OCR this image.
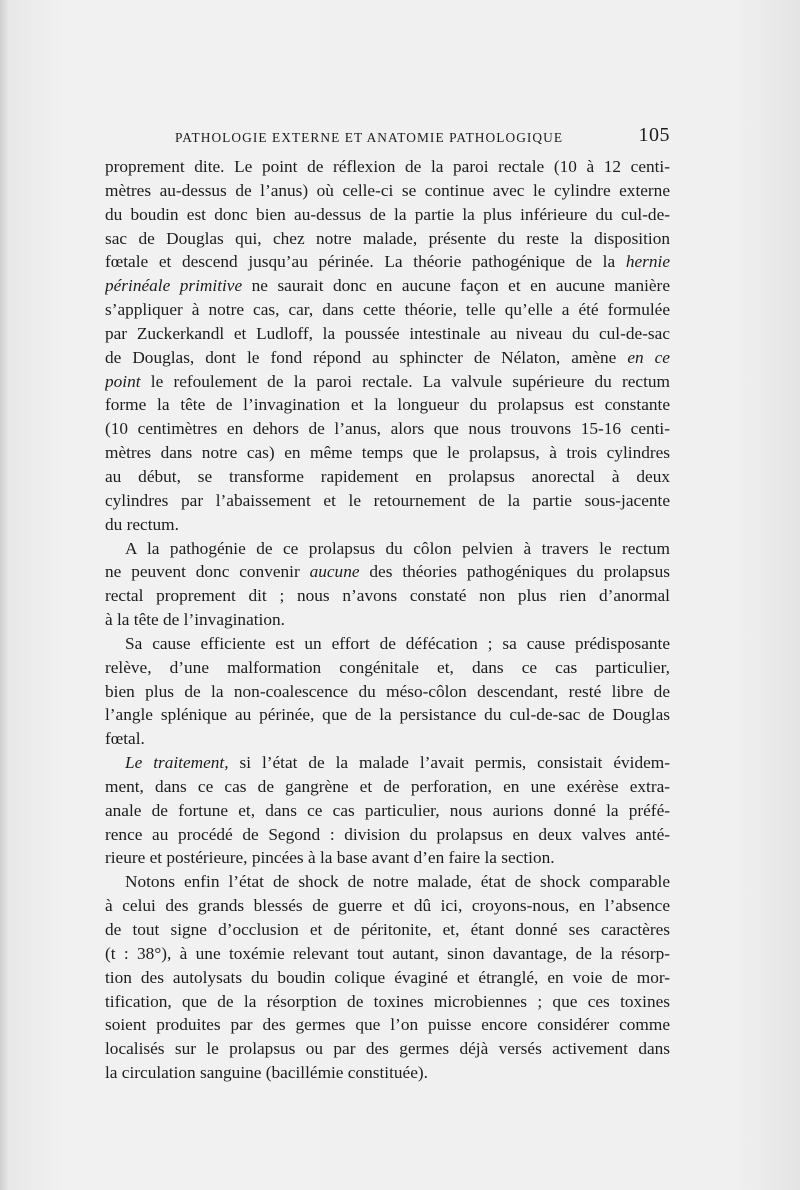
PATHOLOGIE EXTERNE ET ANATOMIE PATHOLOGIQUE	105

proprement dite. Le point de réflexion de la paroi rectale (10 à 12 centi-
mètres au-dessus de l’anus) où celle-ci se continue avec le cylindre externe
du boudin est donc bien au-dessus de la partie la plus inférieure du cul-de-
sac de Douglas qui, chez notre malade, présente du reste la disposition
fœtale et descend jusqu’au périnée. La théorie pathogénique de la hernie
périnéale primitive ne saurait donc en aucune façon et en aucune manière
s’appliquer à notre cas, car, dans cette théorie, telle qu’elle a été formulée
par Zuckerkandl et Ludloff, la poussée intestinale au niveau du cul-de-sac
de Douglas, dont le fond répond au sphincter de Nélaton, amène en ce
point le refoulement de la paroi rectale. La valvule supérieure du rectum
forme la tête de l’invagination et la longueur du prolapsus est constante
(10 centimètres en dehors de l’anus, alors que nous trouvons 15-16 centi-
mètres dans notre cas) en même temps que le prolapsus, à trois cylindres
au début, se transforme rapidement en prolapsus anorectal à deux
cylindres par l’abaissement et le retournement de la partie sous-jacente
du rectum.

A la pathogénie de ce prolapsus du côlon pelvien à travers le rectum
ne peuvent donc convenir aucune des théories pathogéniques du prolapsus
rectal proprement dit ; nous n’avons constaté non plus rien d’anormal
à la tête de l’invagination.

Sa cause efficiente est un effort de défécation ; sa cause prédisposante
relève, d’une malformation congénitale et, dans ce cas particulier,
bien plus de la non-coalescence du méso-côlon descendant, resté libre de
l’angle splénique au périnée, que de la persistance du cul-de-sac de Douglas
fœtal.

Le traitement, si l’état de la malade l’avait permis, consistait évidem-
ment, dans ce cas de gangrène et de perforation, en une exérèse extra-
anale de fortune et, dans ce cas particulier, nous aurions donné la préfé-
rence au procédé de Segond : division du prolapsus en deux valves anté-
rieure et postérieure, pincées à la base avant d’en faire la section.

Notons enfin l’état de shock de notre malade, état de shock comparable
à celui des grands blessés de guerre et dû ici, croyons-nous, en l’absence
de tout signe d’occlusion et de péritonite, et, étant donné ses caractères
(t : 38°), à une toxémie relevant tout autant, sinon davantage, de la résorp-
tion des autolysats du boudin colique évaginé et étranglé, en voie de mor-
tification, que de la résorption de toxines microbiennes ; que ces toxines
soient produites par des germes que l’on puisse encore considérer comme
localisés sur le prolapsus ou par des germes déjà versés activement dans
la circulation sanguine (bacillémie constituée).
